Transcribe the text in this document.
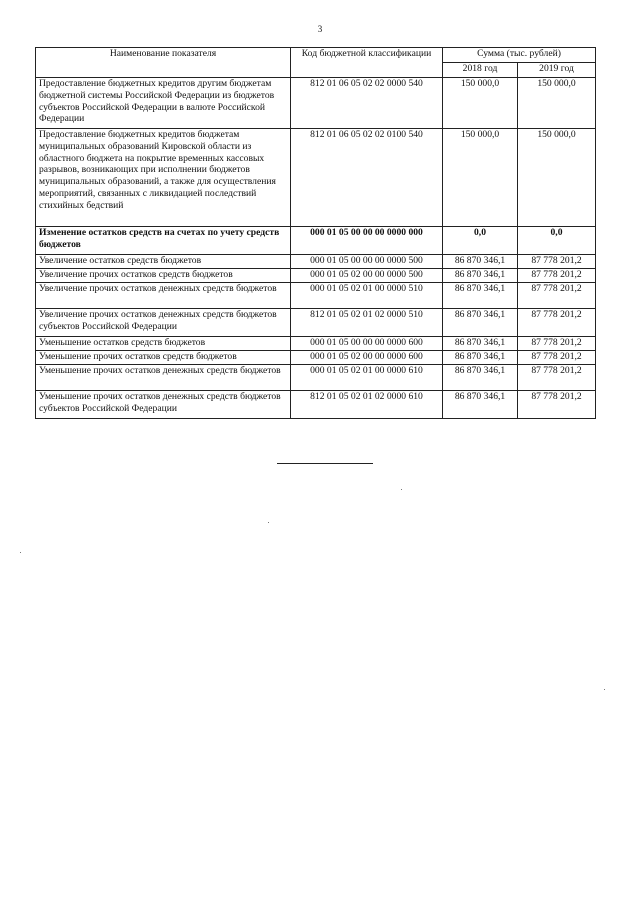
3
Наименование показателя	Код бюджетной классификации	Сумма (тыс. рублей)	
		2018 год	2019 год
Предоставление бюджетных кредитов другим бюджетам бюджетной системы Российской Федерации из бюджетов субъектов Российской Федерации в валюте Российской Федерации	812 01 06 05 02 02 0000 540	150 000,0	150 000,0
Предоставление бюджетных кредитов бюджетам муниципальных образований Кировской области из областного бюджета на покрытие временных кассовых разрывов, возникающих при исполнении бюджетов муниципальных образований, а также для осуществления мероприятий, связанных с ликвидацией последствий стихийных бедствий	812 01 06 05 02 02 0100 540	150 000,0	150 000,0
Изменение остатков средств на счетах по учету средств бюджетов	000 01 05 00 00 00 0000 000	0,0	0,0
Увеличение остатков средств бюджетов	000 01 05 00 00 00 0000 500	86 870 346,1	87 778 201,2
Увеличение прочих остатков средств бюджетов	000 01 05 02 00 00 0000 500	86 870 346,1	87 778 201,2
Увеличение прочих остатков денежных средств бюджетов	000 01 05 02 01 00 0000 510	86 870 346,1	87 778 201,2
Увеличение прочих остатков денежных средств бюджетов субъектов Российской Федерации	812 01 05 02 01 02 0000 510	86 870 346,1	87 778 201,2
Уменьшение остатков средств бюджетов	000 01 05 00 00 00 0000 600	86 870 346,1	87 778 201,2
Уменьшение прочих остатков средств бюджетов	000 01 05 02 00 00 0000 600	86 870 346,1	87 778 201,2
Уменьшение прочих остатков денежных средств бюджетов	000 01 05 02 01 00 0000 610	86 870 346,1	87 778 201,2
Уменьшение прочих остатков денежных средств бюджетов субъектов Российской Федерации	812 01 05 02 01 02 0000 610	86 870 346,1	87 778 201,2
